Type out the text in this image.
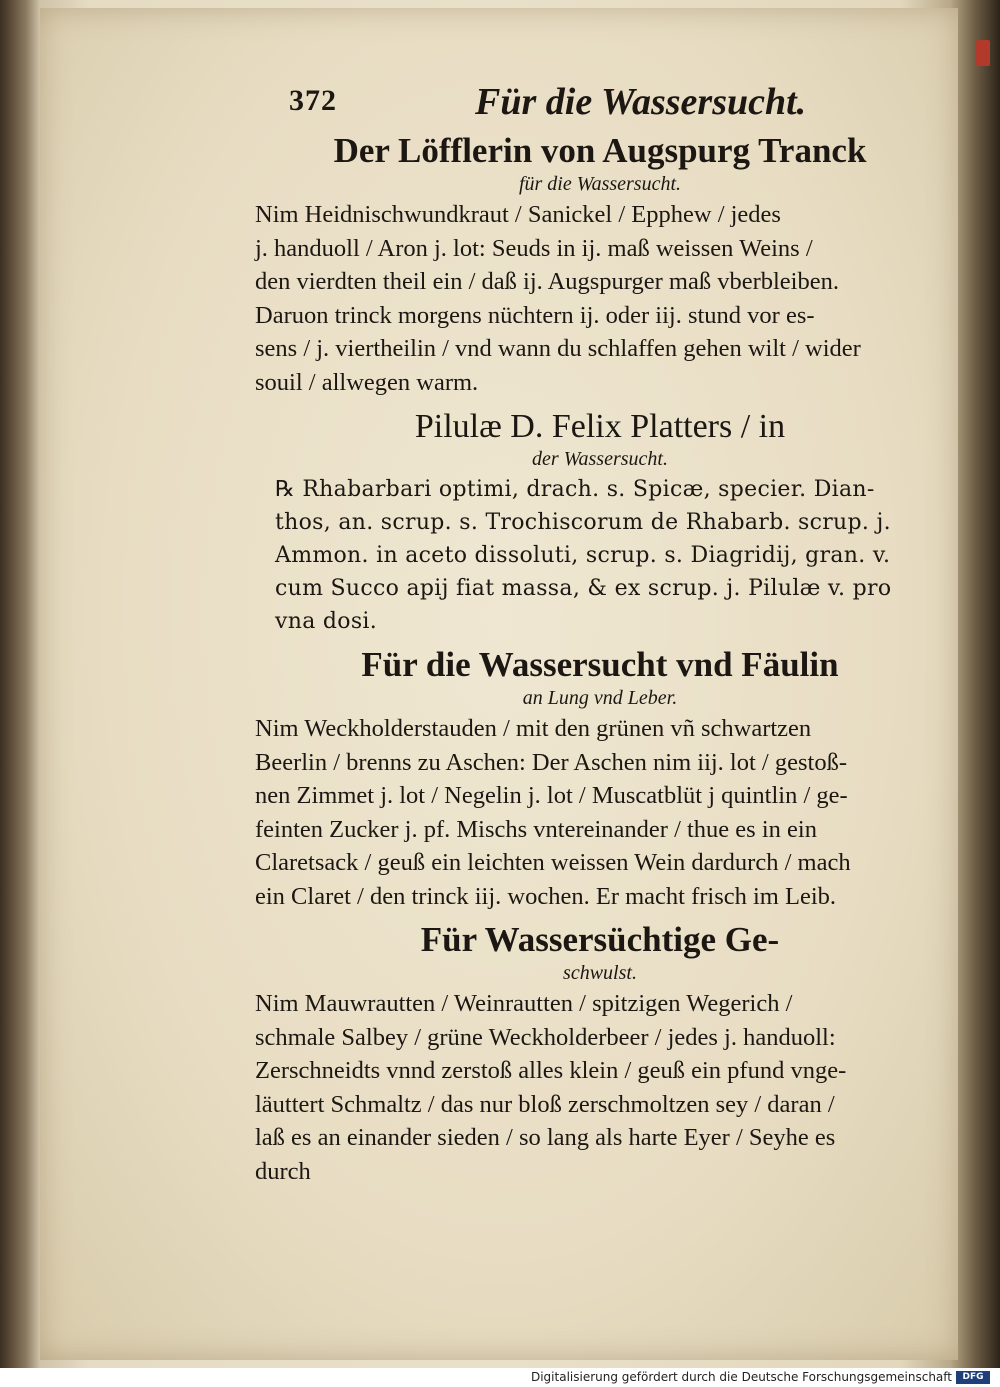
372	Für die Wassersucht.

Der Löfflerin von Augspurg Tranck

für die Wassersucht.

Nim Heidnischwundkraut / Sanickel / Epphew / jedes
j. handuoll / Aron j. lot: Seuds in ij. maß weissen Weins /
den vierdten theil ein / daß ij. Augspurger maß vberbleiben.
Daruon trinck morgens nüchtern ij. oder iij. stund vor es-
sens / j. viertheilin / vnd wann du schlaffen gehen wilt / wider
souil / allwegen warm.

Pilulæ D. Felix Platters / in

der Wassersucht.

℞ Rhabarbari optimi, drach. s. Spicæ, specier. Dian-
thos, an. scrup. s. Trochiscorum de Rhabarb. scrup. j.
Ammon. in aceto dissoluti, scrup. s. Diagridij, gran. v.
cum Succo apij fiat massa, & ex scrup. j. Pilulæ v. pro
vna dosi.

Für die Wassersucht vnd Fäulin

an Lung vnd Leber.

Nim Weckholderstauden / mit den grünen vñ schwartzen
Beerlin / brenns zu Aschen: Der Aschen nim iij. lot / gestoß-
nen Zimmet j. lot / Negelin j. lot / Muscatblüt j quintlin / ge-
feinten Zucker j. pf. Mischs vntereinander / thue es in ein
Claretsack / geuß ein leichten weissen Wein dardurch / mach
ein Claret / den trinck iij. wochen. Er macht frisch im Leib.

Für Wassersüchtige Ge-

schwulst.

Nim Mauwrautten / Weinrautten / spitzigen Wegerich /
schmale Salbey / grüne Weckholderbeer / jedes j. handuoll:
Zerschneidts vnnd zerstoß alles klein / geuß ein pfund vnge-
läuttert Schmaltz / das nur bloß zerschmoltzen sey / daran /
laß es an einander sieden / so lang als harte Eyer / Seyhe es
durch

Digitalisierung gefördert durch die Deutsche Forschungsgemeinschaft	DFG
